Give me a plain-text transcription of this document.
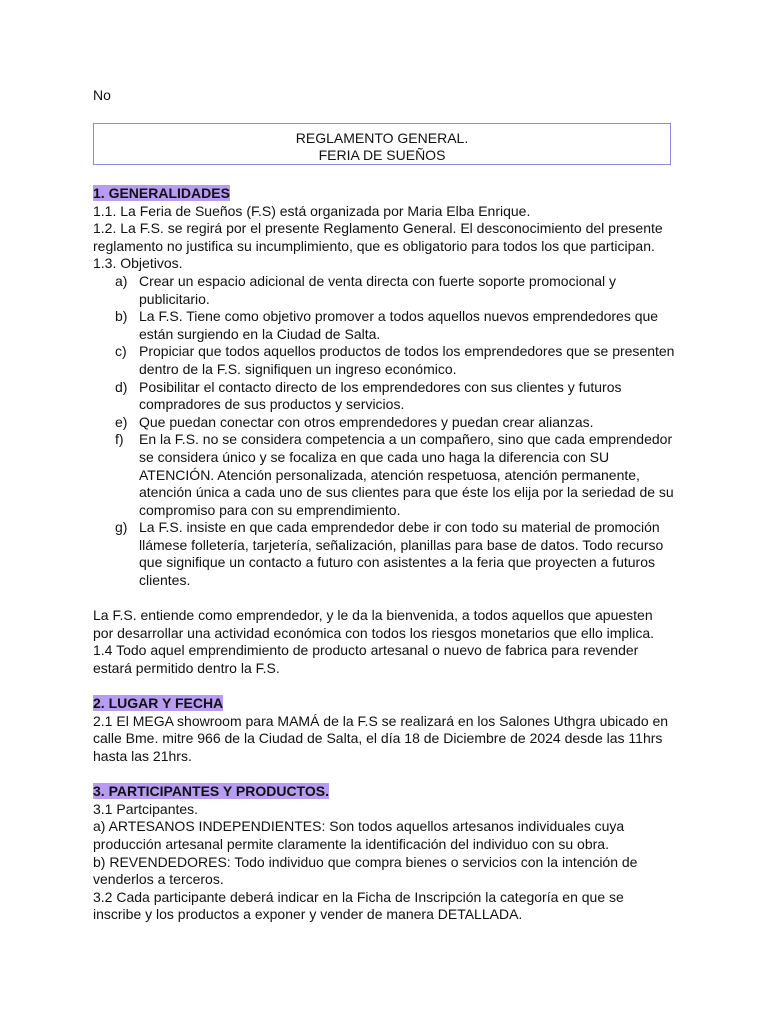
No
REGLAMENTO GENERAL.
FERIA DE SUEÑOS

1. GENERALIDADES

1.1. La Feria de Sueños (F.S) está organizada por Maria Elba Enrique.

1.2. La F.S. se regirá por el presente Reglamento General. El desconocimiento del presente reglamento no justifica su incumplimiento, que es obligatorio para todos los que participan.

1.3. Objetivos.

a) Crear un espacio adicional de venta directa con fuerte soporte promocional y publicitario.
b) La F.S. Tiene como objetivo promover a todos aquellos nuevos emprendedores que están surgiendo en la Ciudad de Salta.
c) Propiciar que todos aquellos productos de todos los emprendedores que se presenten dentro de la F.S. signifiquen un ingreso económico.
d) Posibilitar el contacto directo de los emprendedores con sus clientes y futuros compradores de sus productos y servicios.
e) Que puedan conectar con otros emprendedores y puedan crear alianzas.
f) En la F.S. no se considera competencia a un compañero, sino que cada emprendedor se considera único y se focaliza en que cada uno haga la diferencia con SU ATENCIÓN. Atención personalizada, atención respetuosa, atención permanente, atención única a cada uno de sus clientes para que éste los elija por la seriedad de su compromiso para con su emprendimiento.
g) La F.S. insiste en que cada emprendedor debe ir con todo su material de promoción llámese folletería, tarjetería, señalización, planillas para base de datos. Todo recurso que signifique un contacto a futuro con asistentes a la feria que proyecten a futuros clientes.

La F.S. entiende como emprendedor, y le da la bienvenida, a todos aquellos que apuesten por desarrollar una actividad económica con todos los riesgos monetarios que ello implica.

1.4 Todo aquel emprendimiento de producto artesanal o nuevo de fabrica para revender estará permitido dentro la F.S.

2. LUGAR Y FECHA

2.1 El MEGA showroom para MAMÁ de la F.S se realizará en los Salones Uthgra ubicado en calle Bme. mitre 966 de la Ciudad de Salta, el día 18 de Diciembre de 2024 desde las 11hrs hasta las 21hrs.

3. PARTICIPANTES Y PRODUCTOS.

3.1 Partcipantes.

a) ARTESANOS INDEPENDIENTES: Son todos aquellos artesanos individuales cuya producción artesanal permite claramente la identificación del individuo con su obra.

b) REVENDEDORES: Todo individuo que compra bienes o servicios con la intención de venderlos a terceros.

3.2 Cada participante deberá indicar en la Ficha de Inscripción la categoría en que se inscribe y los productos a exponer y vender de manera DETALLADA.
